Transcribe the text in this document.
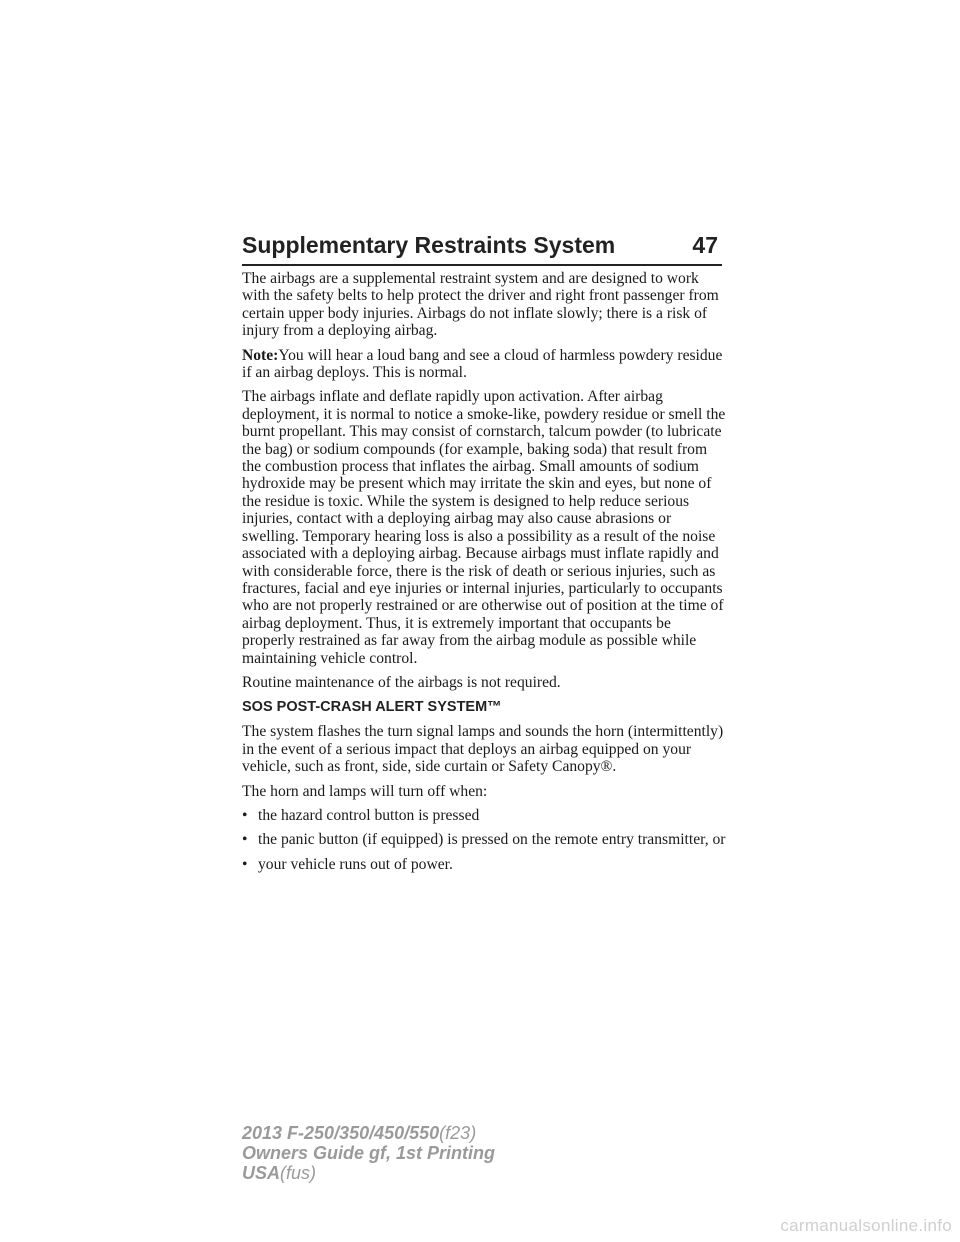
Supplementary Restraints System	47

The airbags are a supplemental restraint system and are designed to work with the safety belts to help protect the driver and right front passenger from certain upper body injuries. Airbags do not inflate slowly; there is a risk of injury from a deploying airbag.

Note:You will hear a loud bang and see a cloud of harmless powdery residue if an airbag deploys. This is normal.

The airbags inflate and deflate rapidly upon activation. After airbag deployment, it is normal to notice a smoke-like, powdery residue or smell the burnt propellant. This may consist of cornstarch, talcum powder (to lubricate the bag) or sodium compounds (for example, baking soda) that result from the combustion process that inflates the airbag. Small amounts of sodium hydroxide may be present which may irritate the skin and eyes, but none of the residue is toxic. While the system is designed to help reduce serious injuries, contact with a deploying airbag may also cause abrasions or swelling. Temporary hearing loss is also a possibility as a result of the noise associated with a deploying airbag. Because airbags must inflate rapidly and with considerable force, there is the risk of death or serious injuries, such as fractures, facial and eye injuries or internal injuries, particularly to occupants who are not properly restrained or are otherwise out of position at the time of airbag deployment. Thus, it is extremely important that occupants be properly restrained as far away from the airbag module as possible while maintaining vehicle control.

Routine maintenance of the airbags is not required.

SOS POST-CRASH ALERT SYSTEM™

The system flashes the turn signal lamps and sounds the horn (intermittently) in the event of a serious impact that deploys an airbag equipped on your vehicle, such as front, side, side curtain or Safety Canopy®.

The horn and lamps will turn off when:

• the hazard control button is pressed
• the panic button (if equipped) is pressed on the remote entry transmitter, or
• your vehicle runs out of power.
2013 F-250/350/450/550(f23)
Owners Guide gf, 1st Printing
USA(fus)
carmanualsonline.info
